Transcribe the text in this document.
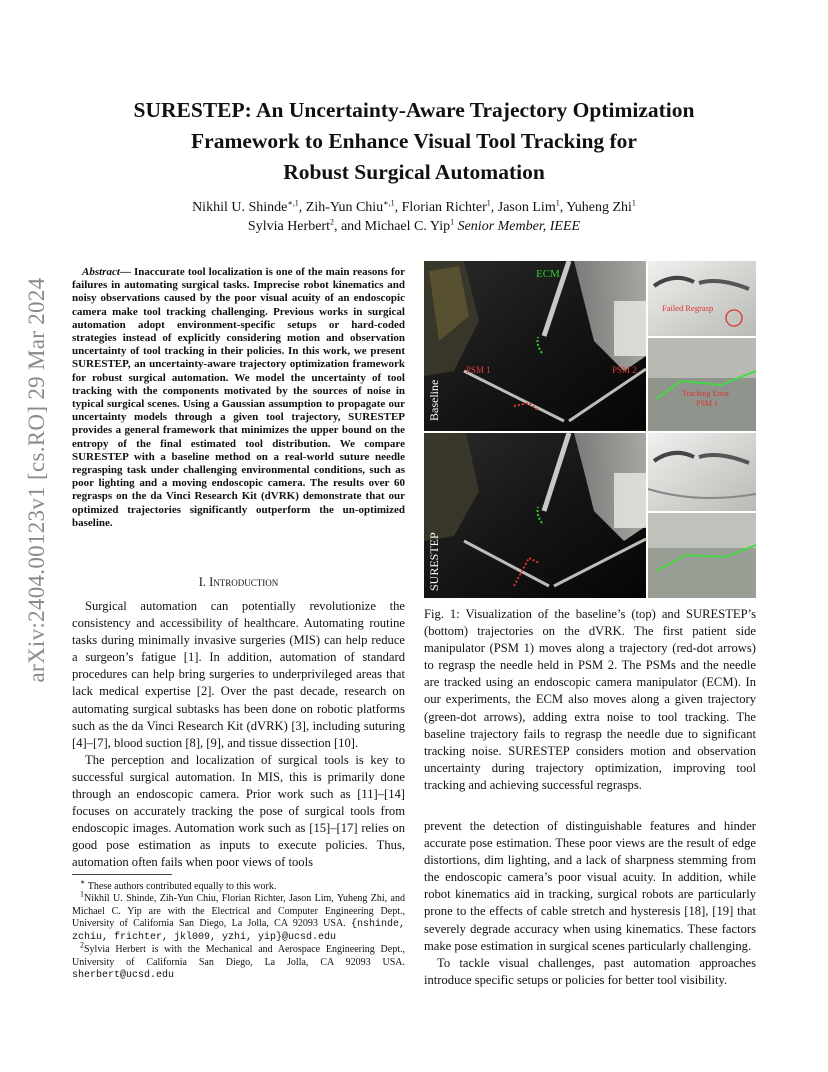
arXiv:2404.00123v1 [cs.RO] 29 Mar 2024
SURESTEP: An Uncertainty-Aware Trajectory Optimization
Framework to Enhance Visual Tool Tracking for
Robust Surgical Automation
Nikhil U. Shinde$^{∗,1}$, Zih-Yun Chiu$^{∗,1}$, Florian Richter$^1$, Jason Lim$^1$, Yuheng Zhi$^1$
Sylvia Herbert$^2$, and Michael C. Yip$^1$ Senior Member, IEEE

Abstract— Inaccurate tool localization is one of the main reasons for failures in automating surgical tasks. Imprecise robot kinematics and noisy observations caused by the poor visual acuity of an endoscopic camera make tool tracking challenging. Previous works in surgical automation adopt environment-specific setups or hard-coded strategies instead of explicitly considering motion and observation uncertainty of tool tracking in their policies. In this work, we present SURESTEP, an uncertainty-aware trajectory optimization framework for robust surgical automation. We model the uncertainty of tool tracking with the components motivated by the sources of noise in typical surgical scenes. Using a Gaussian assumption to propagate our uncertainty models through a given tool trajectory, SURESTEP provides a general framework that minimizes the upper bound on the entropy of the final estimated tool distribution. We compare SURESTEP with a baseline method on a real-world suture needle regrasping task under challenging environmental conditions, such as poor lighting and a moving endoscopic camera. The results over 60 regrasps on the da Vinci Research Kit (dVRK) demonstrate that our optimized trajectories significantly outperform the un-optimized baseline.

I. Introduction

Surgical automation can potentially revolutionize the consistency and accessibility of healthcare. Automating routine tasks during minimally invasive surgeries (MIS) can help reduce a surgeon’s fatigue [1]. In addition, automation of standard procedures can help bring surgeries to underprivileged areas that lack medical expertise [2]. Over the past decade, research on automating surgical subtasks has been done on robotic platforms such as the da Vinci Research Kit (dVRK) [3], including suturing [4]–[7], blood suction [8], [9], and tissue dissection [10].

The perception and localization of surgical tools is key to successful surgical automation. In MIS, this is primarily done through an endoscopic camera. Prior work such as [11]–[14] focuses on accurately tracking the pose of surgical tools from endoscopic images. Automation work such as [15]–[17] relies on good pose estimation as inputs to execute policies. Thus, automation often fails when poor views of tools

∗ These authors contributed equally to this work.

$^1$Nikhil U. Shinde, Zih-Yun Chiu, Florian Richter, Jason Lim, Yuheng Zhi, and Michael C. Yip are with the Electrical and Computer Engineering Dept., University of California San Diego, La Jolla, CA 92093 USA. {nshinde, zchiu, frichter, jkl009, yzhi, yip}@ucsd.edu

$^2$Sylvia Herbert is with the Mechanical and Aerospace Engineering Dept., University of California San Diego, La Jolla, CA 92093 USA. sherbert@ucsd.edu

ECM
PSM 1	PSM 2
Baseline
Failed Regrasp
Tracking Error
PSM 1
SURESTEP

Fig. 1: Visualization of the baseline’s (top) and SURESTEP’s (bottom) trajectories on the dVRK. The first patient side manipulator (PSM 1) moves along a trajectory (red-dot arrows) to regrasp the needle held in PSM 2. The PSMs and the needle are tracked using an endoscopic camera manipulator (ECM). In our experiments, the ECM also moves along a given trajectory (green-dot arrows), adding extra noise to tool tracking. The baseline trajectory fails to regrasp the needle due to significant tracking noise. SURESTEP considers motion and observation uncertainty during trajectory optimization, improving tool tracking and achieving successful regrasps.

prevent the detection of distinguishable features and hinder accurate pose estimation. These poor views are the result of edge distortions, dim lighting, and a lack of sharpness stemming from the endoscopic camera’s poor visual acuity. In addition, while robot kinematics aid in tracking, surgical robots are particularly prone to the effects of cable stretch and hysteresis [18], [19] that severely degrade accuracy when using kinematics. These factors make pose estimation in surgical scenes particularly challenging.

To tackle visual challenges, past automation approaches introduce specific setups or policies for better tool visibility.
